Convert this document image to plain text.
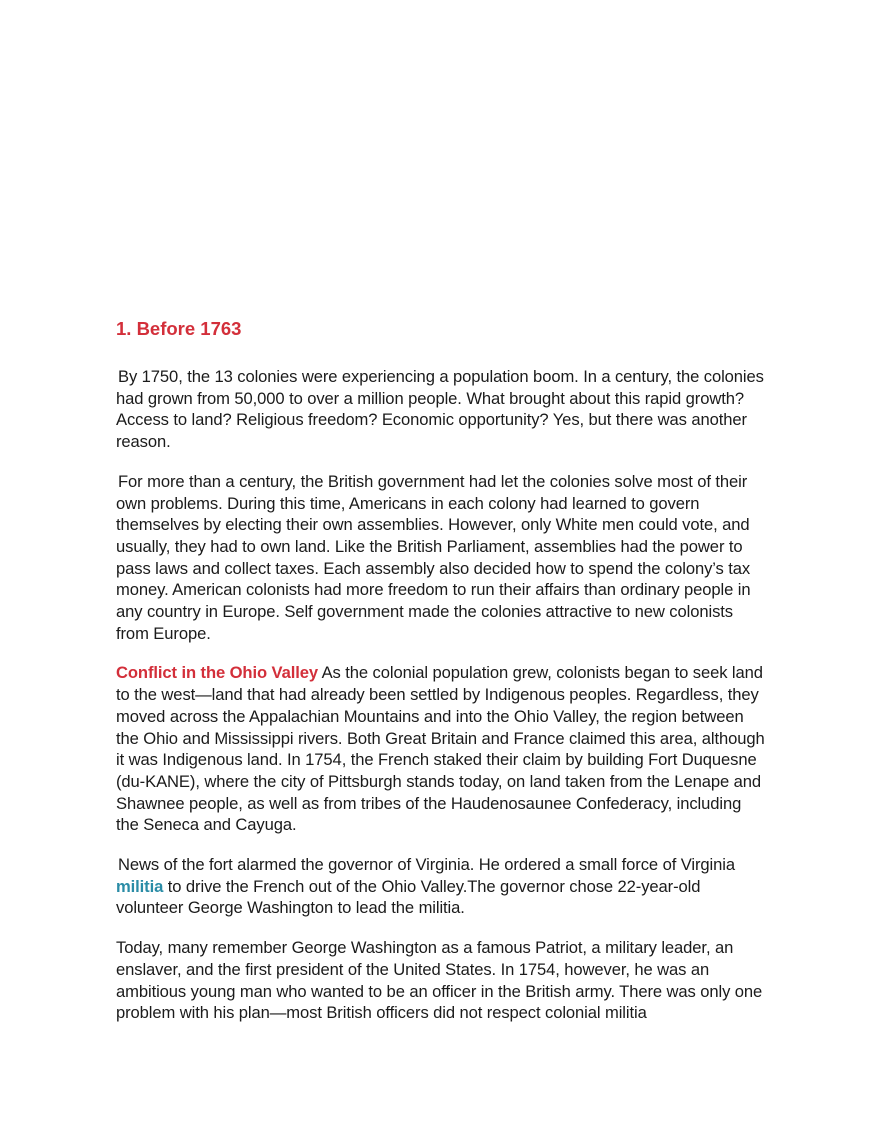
1. Before 1763

By 1750, the 13 colonies were experiencing a population boom. In a century, the colonies had grown from 50,000 to over a million people. What brought about this rapid growth? Access to land? Religious freedom? Economic opportunity? Yes, but there was another reason.

For more than a century, the British government had let the colonies solve most of their own problems. During this time, Americans in each colony had learned to govern themselves by electing their own assemblies. However, only White men could vote, and usually, they had to own land. Like the British Parliament, assemblies had the power to pass laws and collect taxes. Each assembly also decided how to spend the colony’s tax money. American colonists had more freedom to run their affairs than ordinary people in any country in Europe. Self government made the colonies attractive to new colonists from Europe.

Conflict in the Ohio Valley As the colonial population grew, colonists began to seek land to the west—land that had already been settled by Indigenous peoples. Regardless, they moved across the Appalachian Mountains and into the Ohio Valley, the region between the Ohio and Mississippi rivers. Both Great Britain and France claimed this area, although it was Indigenous land. In 1754, the French staked their claim by building Fort Duquesne (du-KANE), where the city of Pittsburgh stands today, on land taken from the Lenape and Shawnee people, as well as from tribes of the Haudenosaunee Confederacy, including the Seneca and Cayuga.

News of the fort alarmed the governor of Virginia. He ordered a small force of Virginia militia to drive the French out of the Ohio Valley.The governor chose 22-year-old volunteer George Washington to lead the militia.

Today, many remember George Washington as a famous Patriot, a military leader, an enslaver, and the first president of the United States. In 1754, however, he was an ambitious young man who wanted to be an officer in the British army. There was only one problem with his plan—most British officers did not respect colonial militia
